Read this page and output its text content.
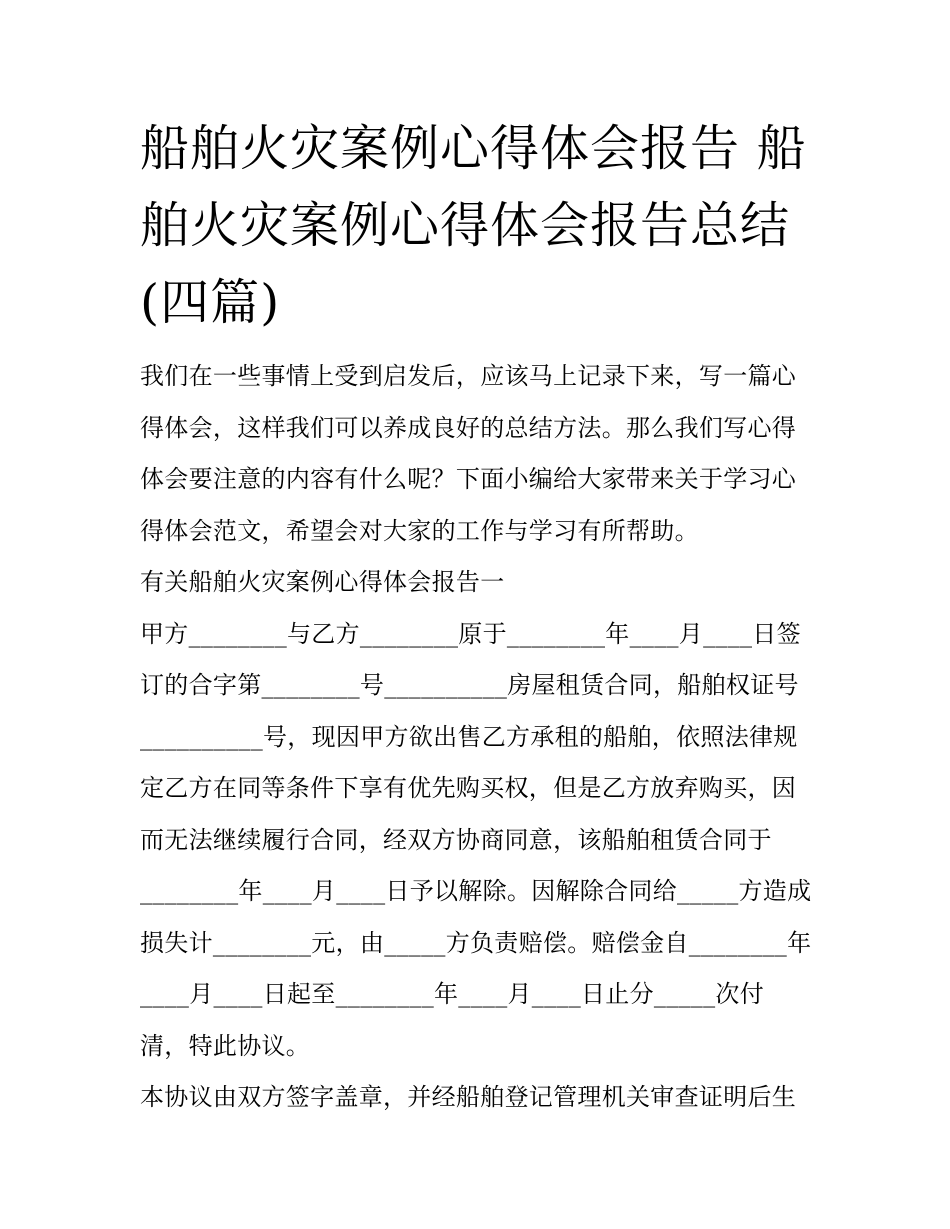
船舶火灾案例心得体会报告 船舶火灾案例心得体会报告总结(四篇)

我们在一些事情上受到启发后，应该马上记录下来，写一篇心得体会，这样我们可以养成良好的总结方法。那么我们写心得体会要注意的内容有什么呢？下面小编给大家带来关于学习心得体会范文，希望会对大家的工作与学习有所帮助。

有关船舶火灾案例心得体会报告一

甲方________与乙方________原于________年____月____日签订的合字第________号__________房屋租赁合同，船舶权证号__________号，现因甲方欲出售乙方承租的船舶，依照法律规定乙方在同等条件下享有优先购买权，但是乙方放弃购买，因而无法继续履行合同，经双方协商同意，该船舶租赁合同于________年____月____日予以解除。因解除合同给_____方造成损失计________元，由_____方负责赔偿。赔偿金自________年____月____日起至________年____月____日止分_____次付清，特此协议。

本协议由双方签字盖章，并经船舶登记管理机关审查证明后生
